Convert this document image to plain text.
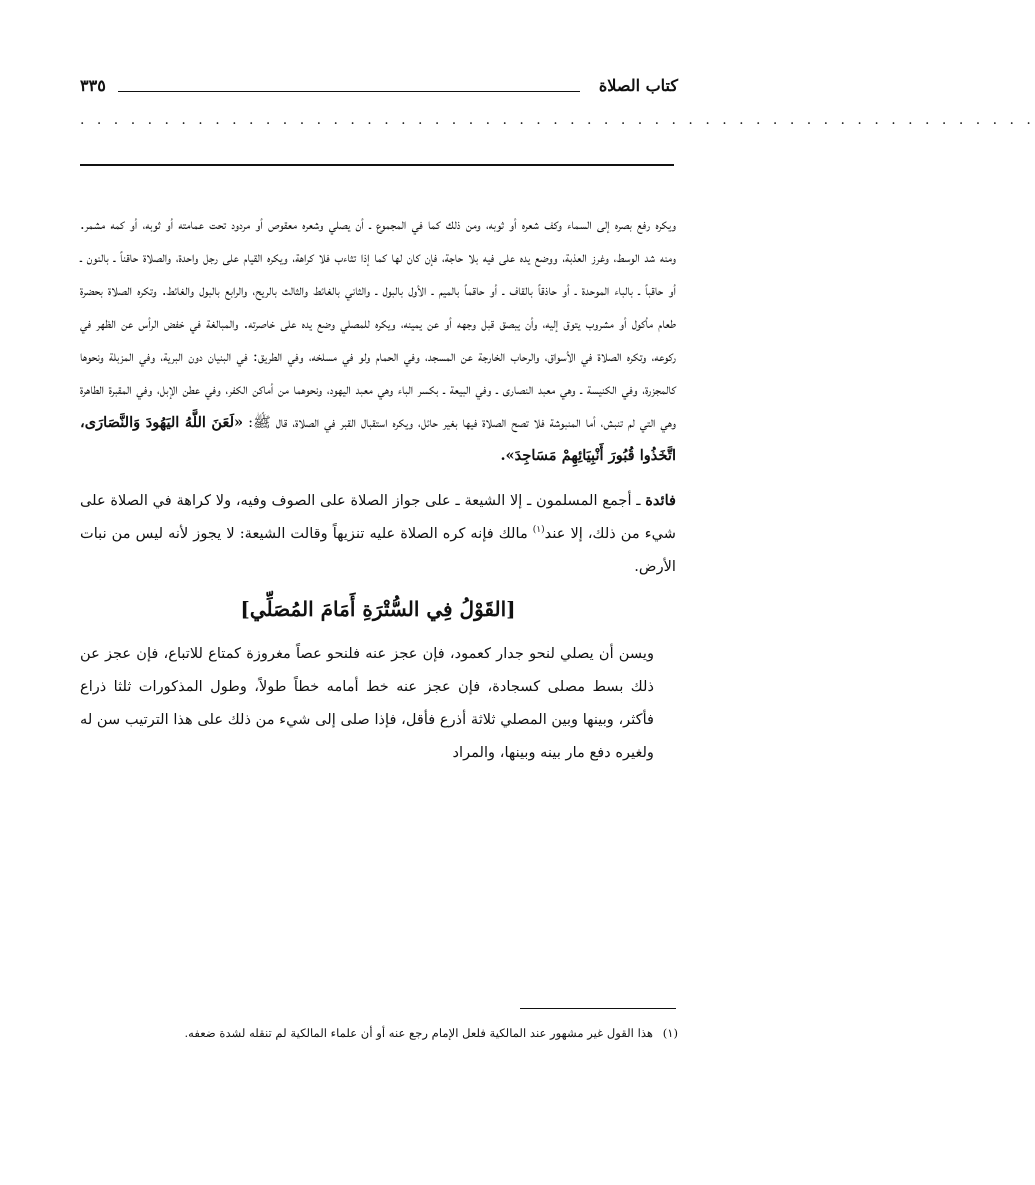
كتاب الصلاة
٣٣٥
. . . . . . . . . . . . . . . . . . . . . . . . . . . . . . . . . . . . . . . . . . . . . . . . . . . . . . . . .

ويكره رفع بصره إلى السماء وكف شعره أو ثوبه، ومن ذلك كما في المجموع ـ أن يصلي وشعره معقوص أو مردود تحت عمامته أو ثوبه، أو كمه مشمر. ومنه شد الوسط، وغرز العذبة، ووضع يده على فيه بلا حاجة، فإن كان لها كما إذا تثاءب فلا كراهة، ويكره القيام على رجل واحدة، والصلاة حاقناً ـ بالنون ـ أو حاقباً ـ بالباء الموحدة ـ أو حاذقاً بالقاف ـ أو حاقماً بالميم ـ الأول بالبول ـ والثاني بالغائط والثالث بالريح، والرابع بالبول والغائط. وتكره الصلاة بحضرة طعام مأكول أو مشروب يتوق إليه، وأن يبصق قبل وجهه أو عن يمينه، ويكره للمصلي وضع يده على خاصرته. والمبالغة في خفض الرأس عن الظهر في ركوعه، وتكره الصلاة في الأسواق، والرحاب الخارجة عن المسجد، وفي الحمام ولو في مسلخه، وفي الطريق: في البنيان دون البرية، وفي المزبلة ونحوها كالمجزرة، وفي الكنيسة ـ وهي معبد النصارى ـ وفي البيعة ـ بكسر الباء وهي معبد اليهود، ونحوهما من أماكن الكفر، وفي عطن الإبل، وفي المقبرة الطاهرة وهي التي لم تنبش، أما المنبوشة فلا تصح الصلاة فيها بغير حائل، ويكره استقبال القبر في الصلاة، قال ﷺ: «لَعَنَ اللَّهُ اليَهُودَ وَالنَّصَارَى، اتَّخَذُوا قُبُورَ أَنْبِيَائِهِمْ مَسَاجِدَ».

فائدة ـ أجمع المسلمون ـ إلا الشيعة ـ على جواز الصلاة على الصوف وفيه، ولا كراهة في الصلاة على شيء من ذلك، إلا عند$^{(١)}$ مالك فإنه كره الصلاة عليه تنزيهاً وقالت الشيعة: لا يجوز لأنه ليس من نبات الأرض.

[القَوْلُ فِي السُّتْرَةِ أَمَامَ المُصَلِّي]

ويسن أن يصلي لنحو جدار كعمود، فإن عجز عنه فلنحو عصاً مغروزة كمتاع للاتباع، فإن عجز عن ذلك بسط مصلى كسجادة، فإن عجز عنه خط أمامه خطاً طولاً، وطول المذكورات ثلثا ذراع فأكثر، وبينها وبين المصلي ثلاثة أذرع فأقل، فإذا صلى إلى شيء من ذلك على هذا الترتيب سن له ولغيره دفع مار بينه وبينها، والمراد

(١) هذا القول غير مشهور عند المالكية فلعل الإمام رجع عنه أو أن علماء المالكية لم تنقله لشدة ضعفه.
